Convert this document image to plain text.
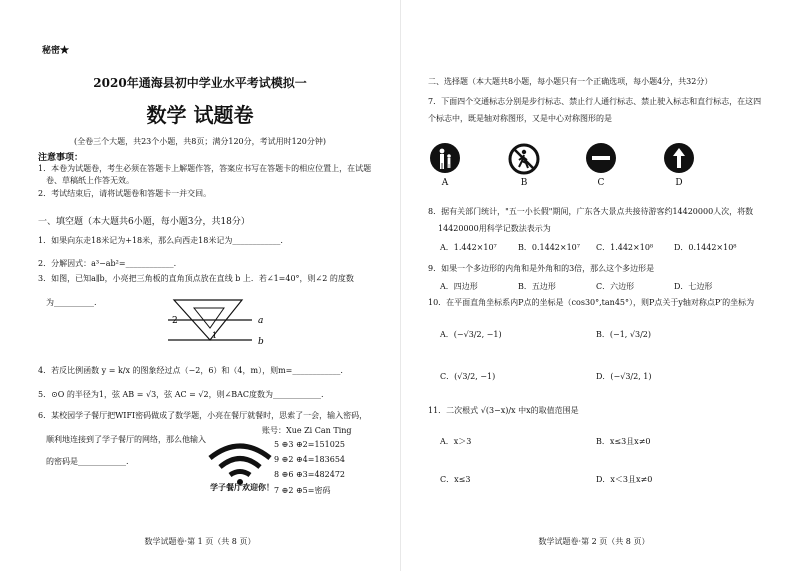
秘密★
2020年通海县初中学业水平考试模拟一
数学 试题卷
(全卷三个大题，共23个小题，共8页；满分120分，考试用时120分钟)
注意事项：
1．本卷为试题卷，考生必须在答题卡上解题作答，答案应书写在答题卡的相应位置上，在试题
卷、草稿纸上作答无效。
2．考试结束后，请将试题卷和答题卡一并交回。
一、填空题（本大题共6小题，每小题3分，共18分）
1．如果向东走18米记为+18米，那么向西走18米记为____________.
2．分解因式：a³−ab²=____________.
3．如图，已知a∥b，小亮把三角板的直角顶点放在直线 b 上．若∠1=40°，则∠2 的度数
为__________.
2
1
a
b
4．若反比例函数 y = k/x 的图象经过点（−2，6）和（4，m），则m=____________.
5．⊙O 的半径为1，弦 AB = √3，弦 AC = √2，则∠BAC度数为____________.
6．某校园学子餐厅把WIFI密码做成了数学题，小亮在餐厅就餐时，思索了一会，输入密码，
顺利地连接到了学子餐厅的网络，那么他输入
的密码是____________.
学子餐厅欢迎你！
账号：Xue Zi Can Ting
5 ⊕3 ⊕2=151025
9 ⊕2 ⊕4=183654
8 ⊕6 ⊕3=482472
7 ⊕2 ⊕5=密码
数学试题卷·第 1 页（共 8 页）
二、选择题（本大题共8小题，每小题只有一个正确选项，每小题4分，共32分）
7．下面四个交通标志分别是步行标志、禁止行人通行标志、禁止驶入标志和直行标志，在这四
个标志中，既是轴对称图形，又是中心对称图形的是
A	B	C	D
8．据有关部门统计，"五一小长假"期间，广东各大景点共接待游客约14420000人次，将数
14420000用科学记数法表示为
A．1.442×10⁷	B．0.1442×10⁷ C．1.442×10⁸	D．0.1442×10⁸
9．如果一个多边形的内角和是外角和的3倍，那么这个多边形是
A．四边形	B．五边形	C．六边形	D．七边形
10．在平面直角坐标系内P点的坐标是（cos30°,tan45°），则P点关于y轴对称点P′的坐标为
A．(−√3/2, −1)	B．(−1, √3/2)
C．(√3/2, −1)	D．(−√3/2, 1)
11．二次根式 √(3−x)/x 中x的取值范围是
A．x＞3	B．x≤3且x≠0
C．x≤3	D．x＜3且x≠0
数学试题卷·第 2 页（共 8 页）
